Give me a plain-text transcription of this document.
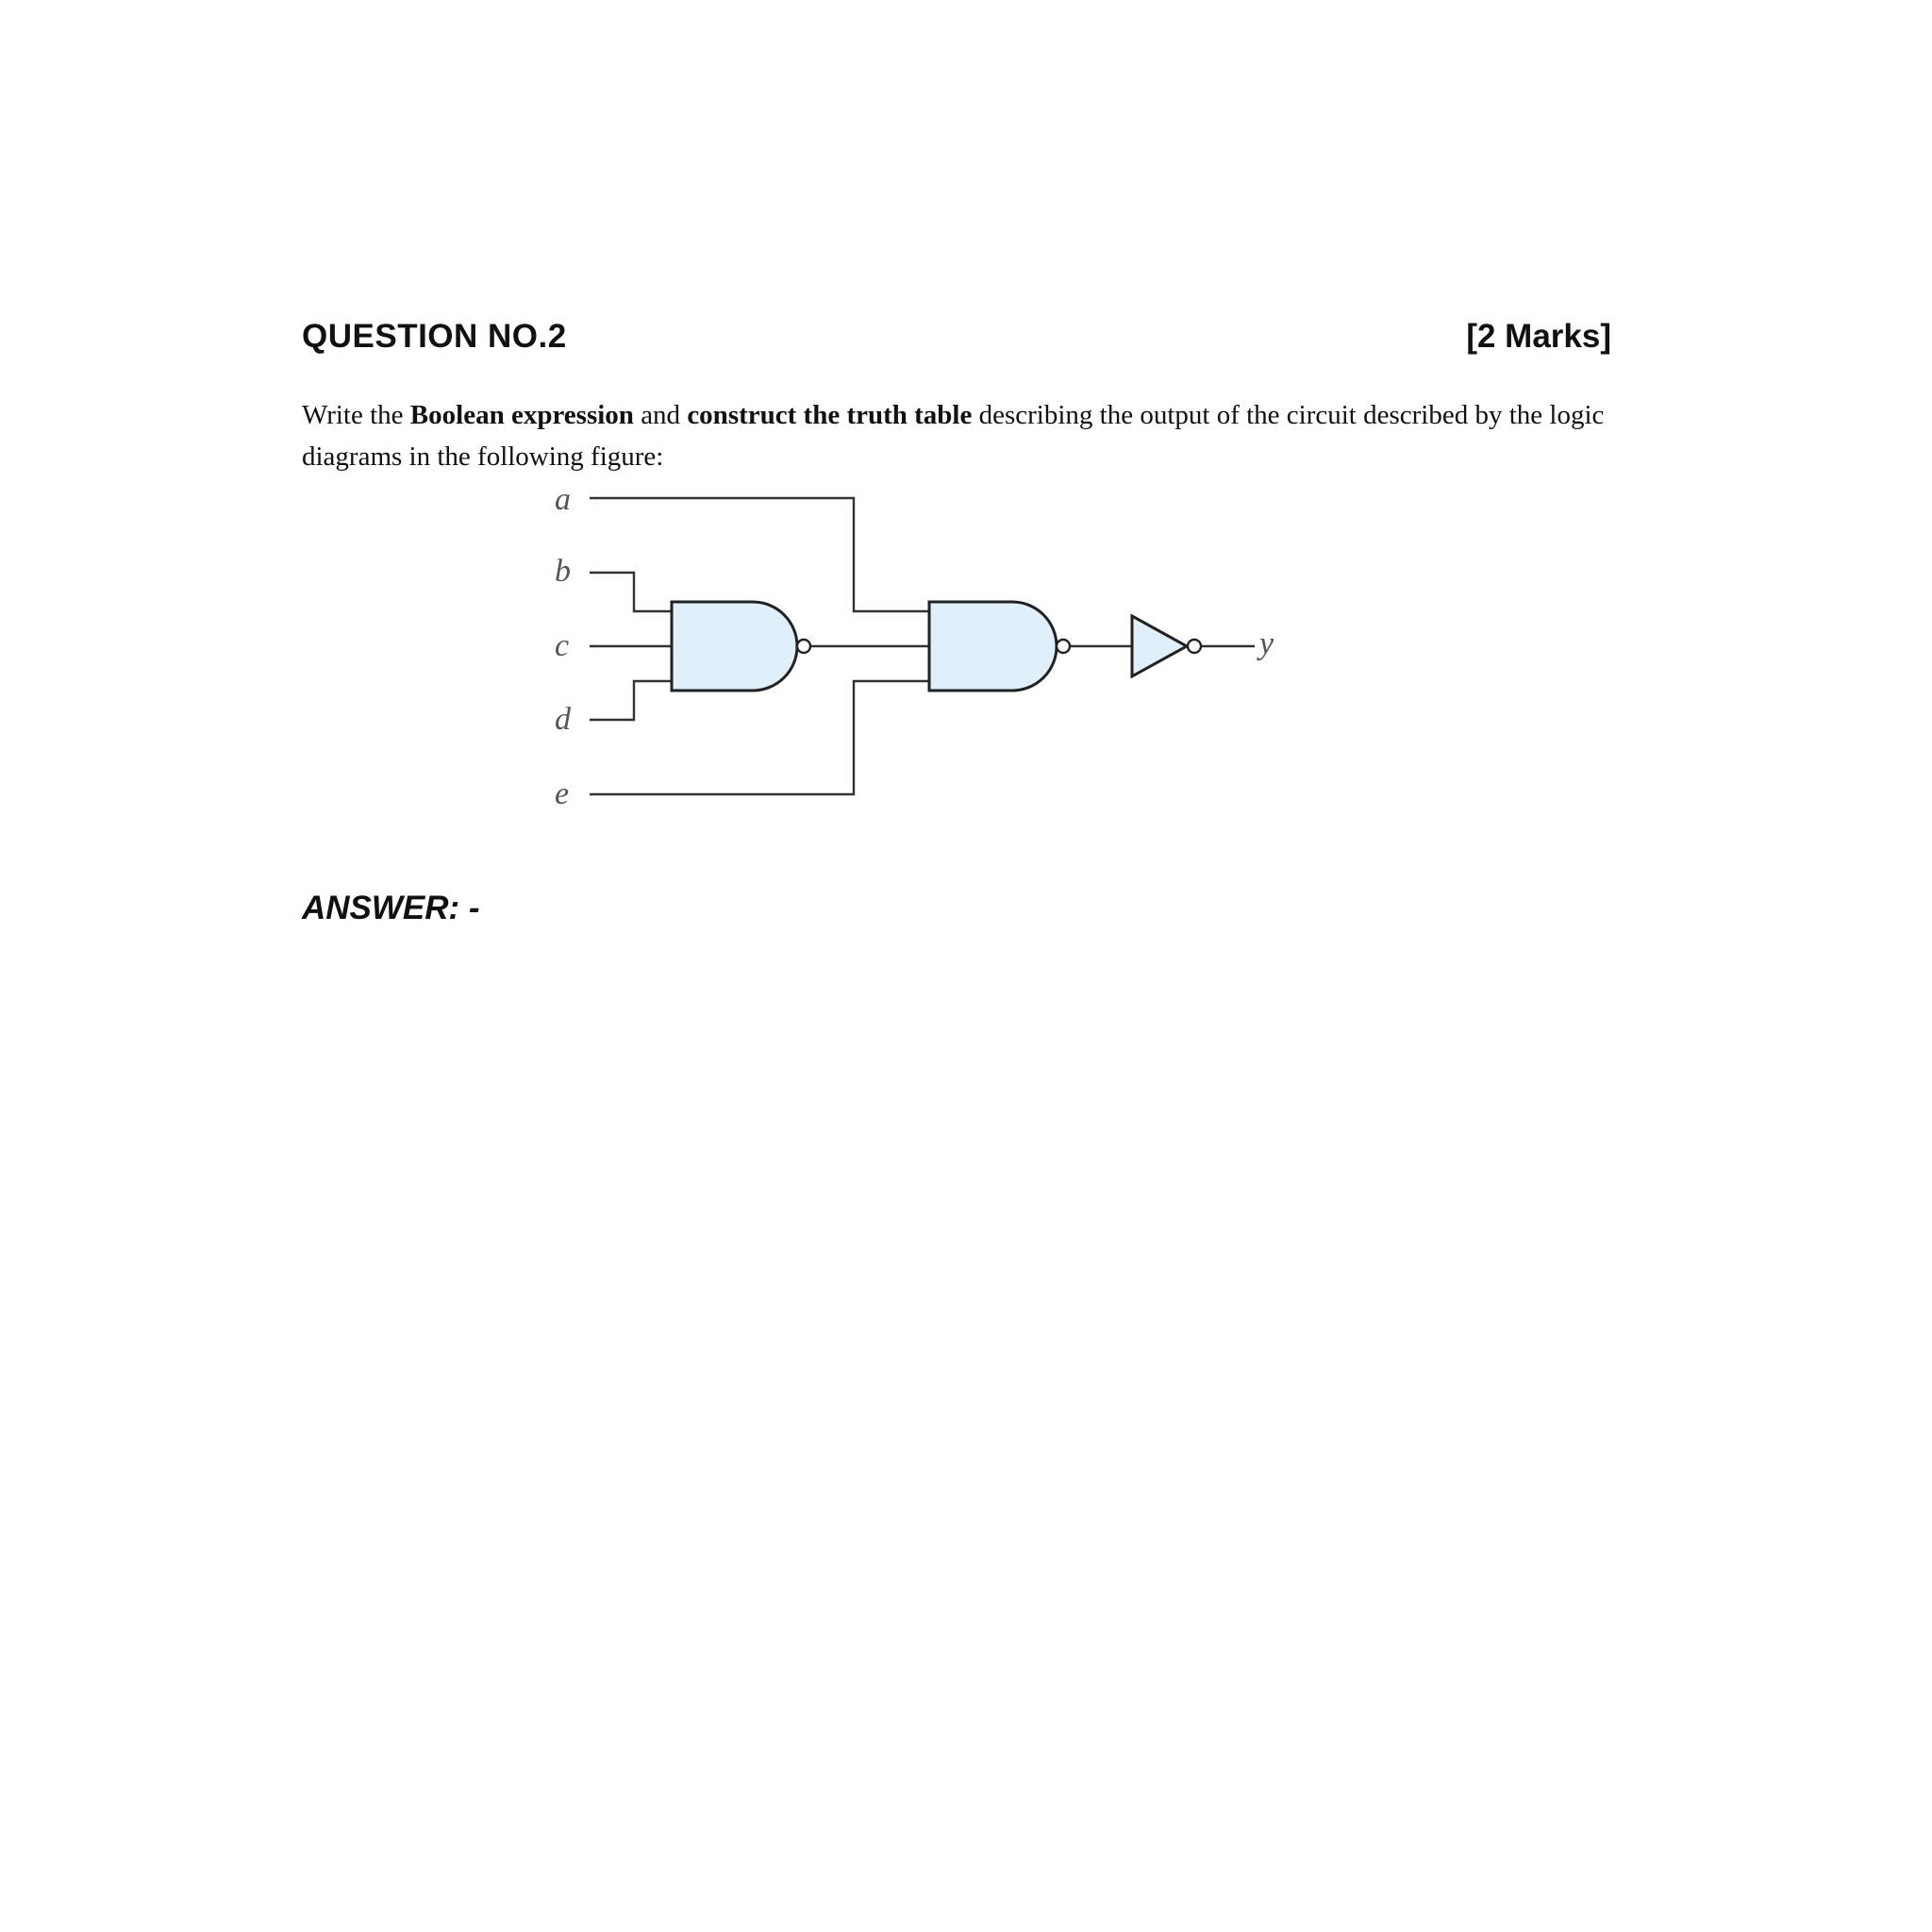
QUESTION NO.2	[2 Marks]

Write the Boolean expression and construct the truth table describing the output of the circuit described by the logic diagrams in the following figure:

a
b
c
d
e
y
ANSWER: -
